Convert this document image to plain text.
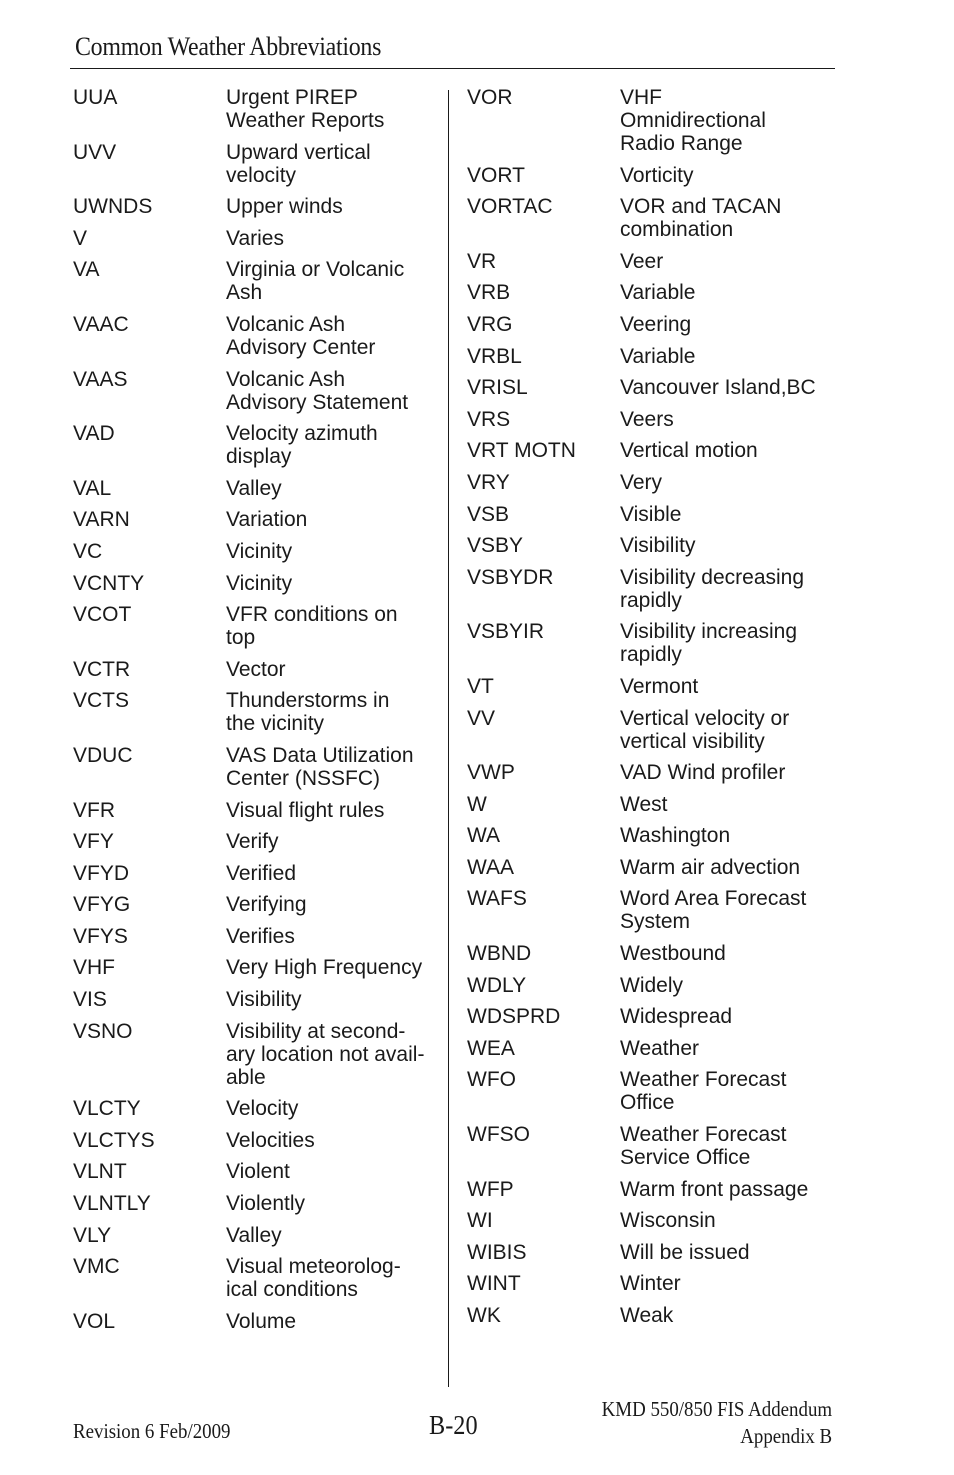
Common Weather Abbreviations
UUA	Urgent PIREP
Weather Reports
UVV	Upward vertical
velocity
UWNDS	Upper winds
V	Varies
VA	Virginia or Volcanic
Ash
VAAC	Volcanic Ash
Advisory Center
VAAS	Volcanic Ash
Advisory Statement
VAD	Velocity azimuth
display
VAL	Valley
VARN	Variation
VC	Vicinity
VCNTY	Vicinity
VCOT	VFR conditions on
top
VCTR	Vector
VCTS	Thunderstorms in
the vicinity
VDUC	VAS Data Utilization
Center (NSSFC)
VFR	Visual flight rules
VFY	Verify
VFYD	Verified
VFYG	Verifying
VFYS	Verifies
VHF	Very High Frequency
VIS	Visibility
VSNO	Visibility at second-
ary location not avail-
able
VLCTY	Velocity
VLCTYS	Velocities
VLNT	Violent
VLNTLY	Violently
VLY	Valley
VMC	Visual meteorolog-
ical conditions
VOL	Volume
VOR	VHF
Omnidirectional
Radio Range
VORT	Vorticity
VORTAC	VOR and TACAN
combination
VR	Veer
VRB	Variable
VRG	Veering
VRBL	Variable
VRISL	Vancouver Island,BC
VRS	Veers
VRT MOTN	Vertical motion
VRY	Very
VSB	Visible
VSBY	Visibility
VSBYDR	Visibility decreasing
rapidly
VSBYIR	Visibility increasing
rapidly
VT	Vermont
VV	Vertical velocity or
vertical visibility
VWP	VAD Wind profiler
W	West
WA	Washington
WAA	Warm air advection
WAFS	Word Area Forecast
System
WBND	Westbound
WDLY	Widely
WDSPRD	Widespread
WEA	Weather
WFO	Weather Forecast
Office
WFSO	Weather Forecast
Service Office
WFP	Warm front passage
WI	Wisconsin
WIBIS	Will be issued
WINT	Winter
WK	Weak
Revision 6 Feb/2009	B-20
KMD 550/850 FIS Addendum
Appendix B
